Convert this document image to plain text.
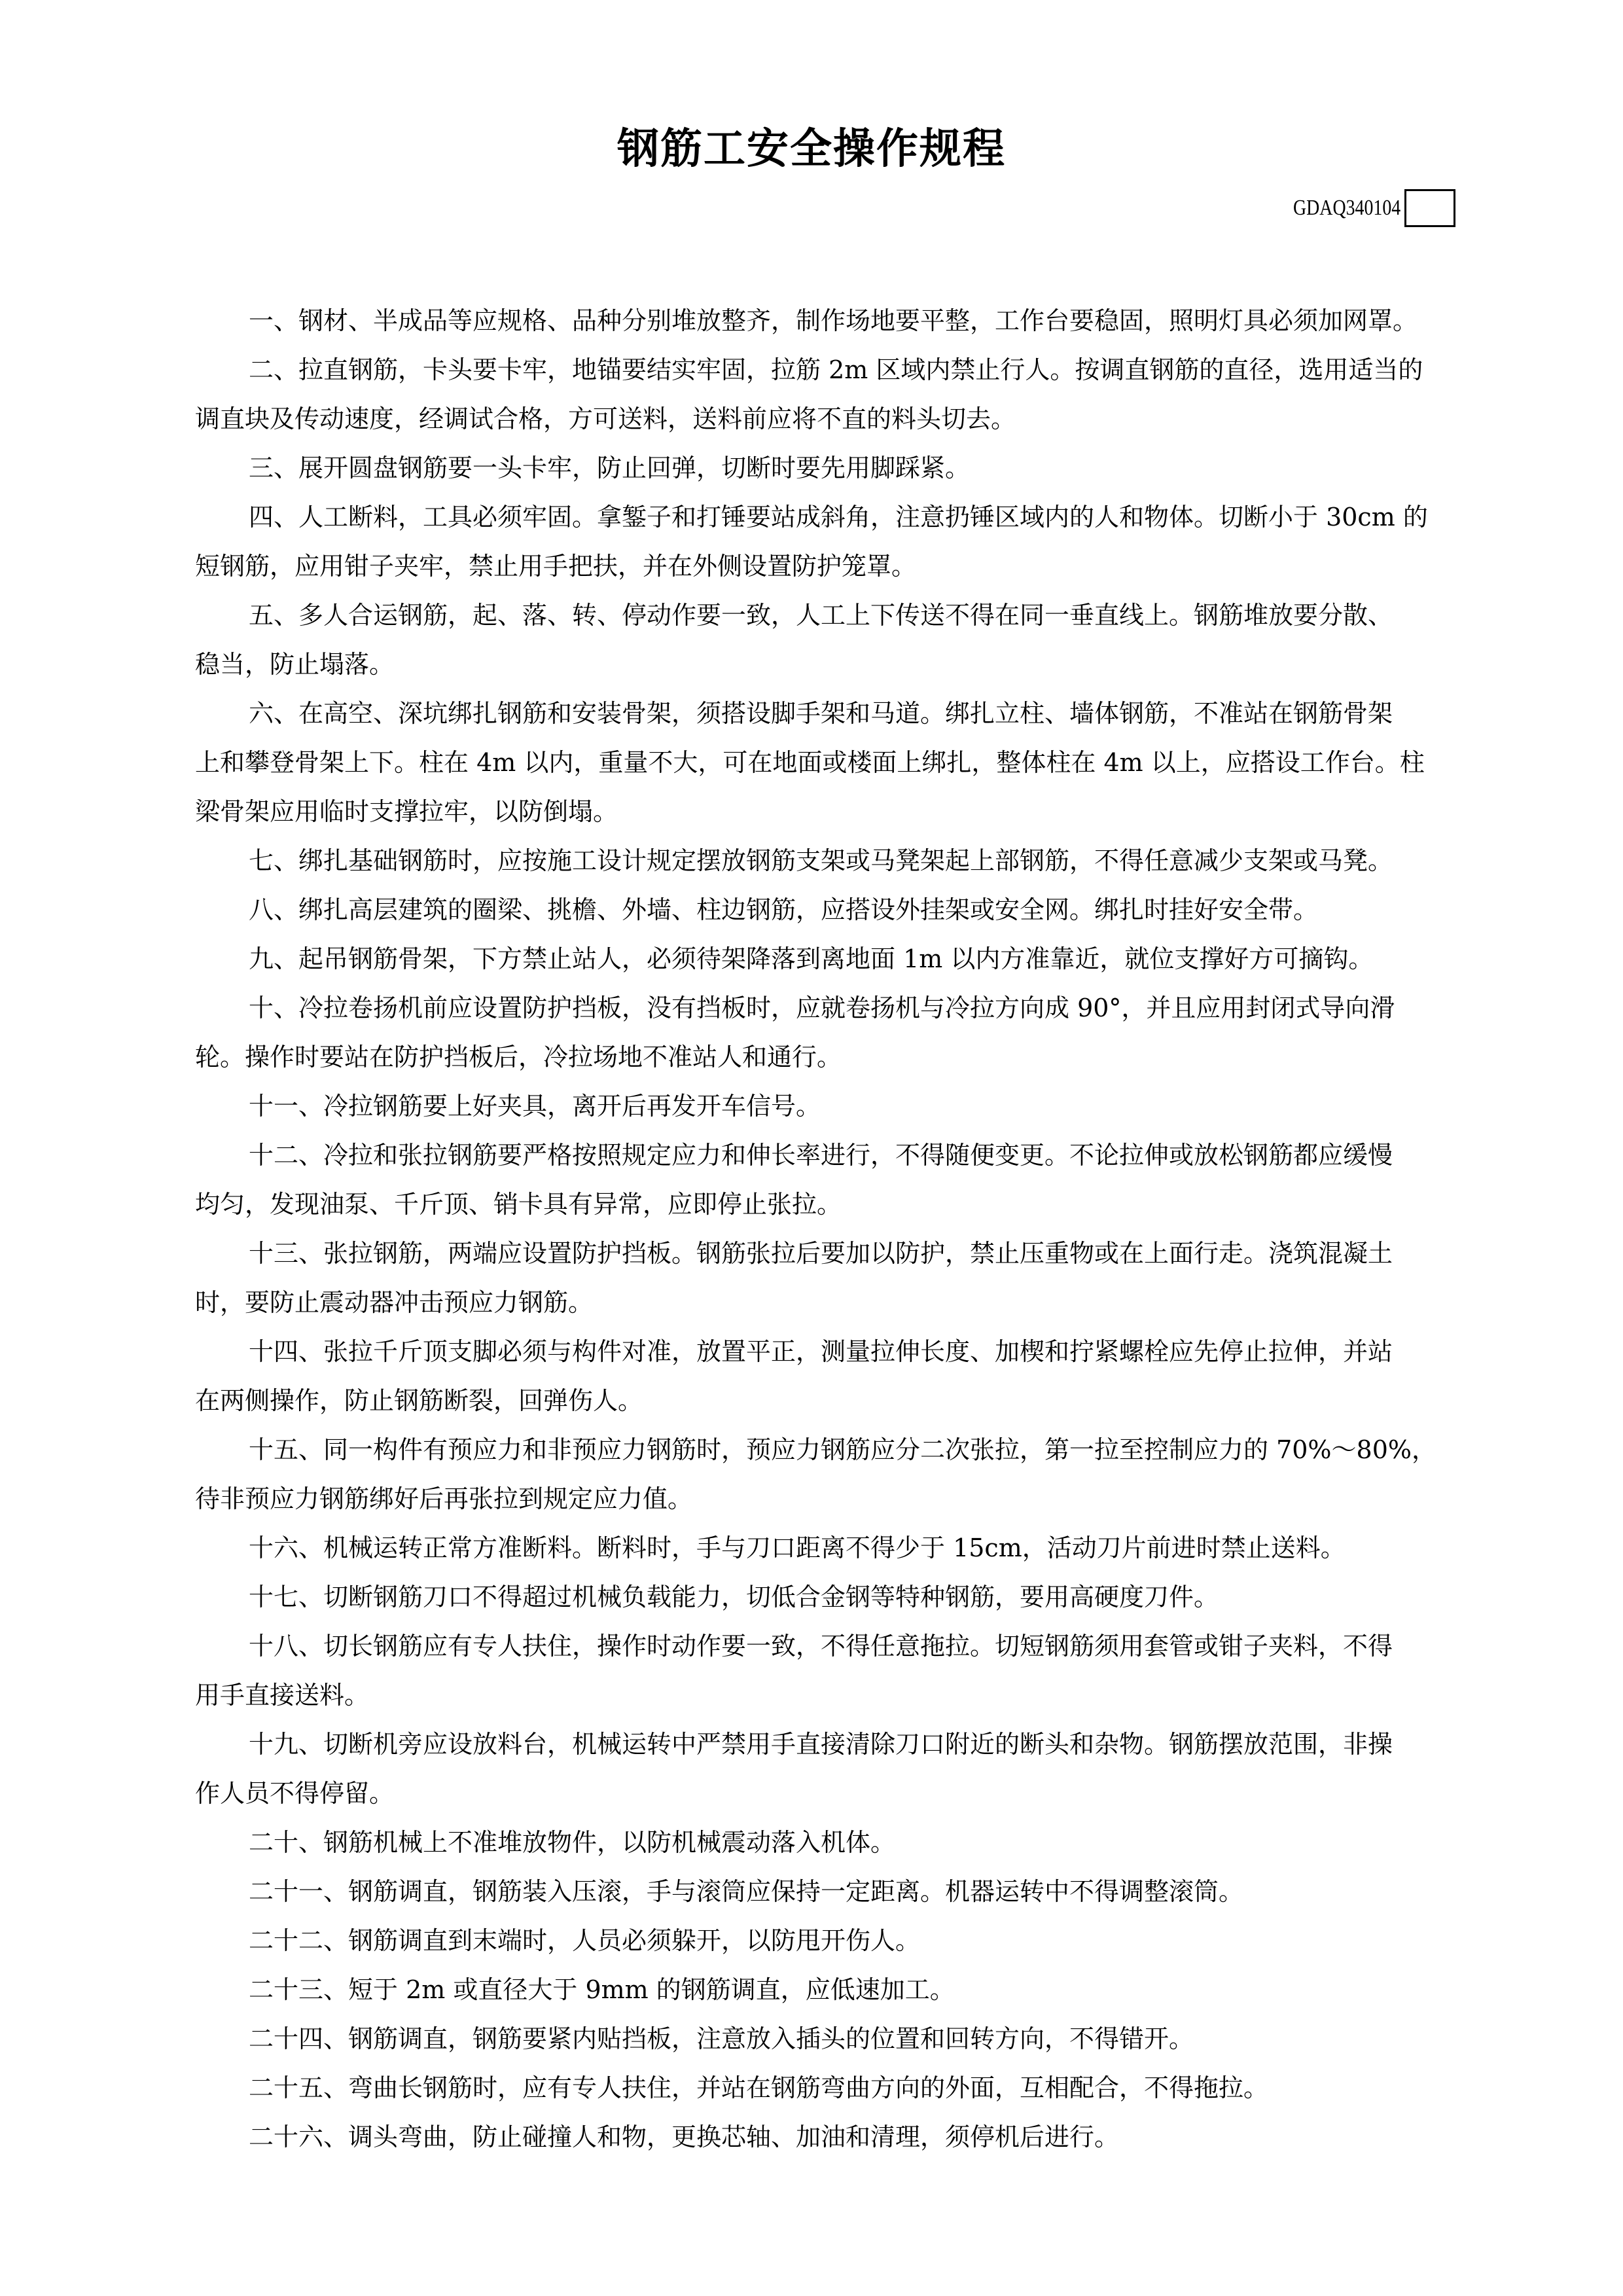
钢筋工安全操作规程
GDAQ340104
一、钢材、半成品等应规格、品种分别堆放整齐，制作场地要平整，工作台要稳固，照明灯具必须加网罩。
二、拉直钢筋，卡头要卡牢，地锚要结实牢固，拉筋 2m 区域内禁止行人。按调直钢筋的直径，选用适当的
调直块及传动速度，经调试合格，方可送料，送料前应将不直的料头切去。
三、展开圆盘钢筋要一头卡牢，防止回弹，切断时要先用脚踩紧。
四、人工断料，工具必须牢固。拿錾子和打锤要站成斜角，注意扔锤区域内的人和物体。切断小于 30cm 的
短钢筋，应用钳子夹牢，禁止用手把扶，并在外侧设置防护笼罩。
五、多人合运钢筋，起、落、转、停动作要一致，人工上下传送不得在同一垂直线上。钢筋堆放要分散、
稳当，防止塌落。
六、在高空、深坑绑扎钢筋和安装骨架，须搭设脚手架和马道。绑扎立柱、墙体钢筋，不准站在钢筋骨架
上和攀登骨架上下。柱在 4m 以内，重量不大，可在地面或楼面上绑扎，整体柱在 4m 以上，应搭设工作台。柱
梁骨架应用临时支撑拉牢，以防倒塌。
七、绑扎基础钢筋时，应按施工设计规定摆放钢筋支架或马凳架起上部钢筋，不得任意减少支架或马凳。
八、绑扎高层建筑的圈梁、挑檐、外墙、柱边钢筋，应搭设外挂架或安全网。绑扎时挂好安全带。
九、起吊钢筋骨架，下方禁止站人，必须待架降落到离地面 1m 以内方准靠近，就位支撑好方可摘钩。
十、冷拉卷扬机前应设置防护挡板，没有挡板时，应就卷扬机与冷拉方向成 90°，并且应用封闭式导向滑
轮。操作时要站在防护挡板后，冷拉场地不准站人和通行。
十一、冷拉钢筋要上好夹具，离开后再发开车信号。
十二、冷拉和张拉钢筋要严格按照规定应力和伸长率进行，不得随便变更。不论拉伸或放松钢筋都应缓慢
均匀，发现油泵、千斤顶、销卡具有异常，应即停止张拉。
十三、张拉钢筋，两端应设置防护挡板。钢筋张拉后要加以防护，禁止压重物或在上面行走。浇筑混凝土
时，要防止震动器冲击预应力钢筋。
十四、张拉千斤顶支脚必须与构件对准，放置平正，测量拉伸长度、加楔和拧紧螺栓应先停止拉伸，并站
在两侧操作，防止钢筋断裂，回弹伤人。
十五、同一构件有预应力和非预应力钢筋时，预应力钢筋应分二次张拉，第一拉至控制应力的 70%～80%，
待非预应力钢筋绑好后再张拉到规定应力值。
十六、机械运转正常方准断料。断料时，手与刀口距离不得少于 15cm，活动刀片前进时禁止送料。
十七、切断钢筋刀口不得超过机械负载能力，切低合金钢等特种钢筋，要用高硬度刀件。
十八、切长钢筋应有专人扶住，操作时动作要一致，不得任意拖拉。切短钢筋须用套管或钳子夹料，不得
用手直接送料。
十九、切断机旁应设放料台，机械运转中严禁用手直接清除刀口附近的断头和杂物。钢筋摆放范围，非操
作人员不得停留。
二十、钢筋机械上不准堆放物件，以防机械震动落入机体。
二十一、钢筋调直，钢筋装入压滚，手与滚筒应保持一定距离。机器运转中不得调整滚筒。
二十二、钢筋调直到末端时，人员必须躲开，以防甩开伤人。
二十三、短于 2m 或直径大于 9mm 的钢筋调直，应低速加工。
二十四、钢筋调直，钢筋要紧内贴挡板，注意放入插头的位置和回转方向，不得错开。
二十五、弯曲长钢筋时，应有专人扶住，并站在钢筋弯曲方向的外面，互相配合，不得拖拉。
二十六、调头弯曲，防止碰撞人和物，更换芯轴、加油和清理，须停机后进行。
